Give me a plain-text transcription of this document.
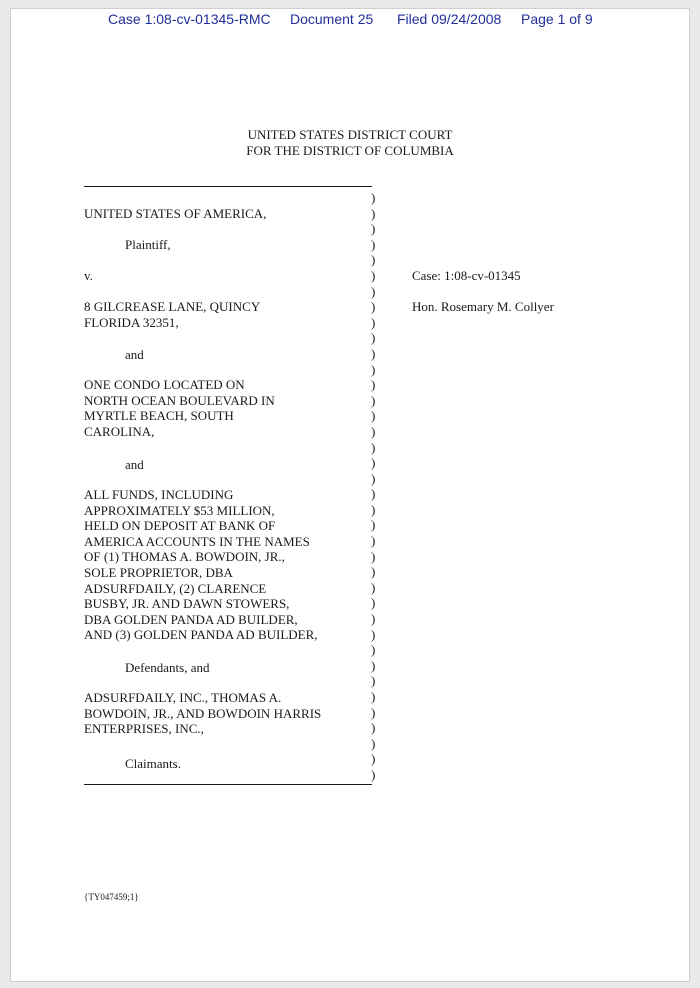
Case 1:08-cv-01345-RMC Document 25 Filed 09/24/2008 Page 1 of 9
UNITED STATES DISTRICT COURT
FOR THE DISTRICT OF COLUMBIA
)
)
)
)
)
)
)
)
)
)
)
)
)
)
)
)
)
)
)
)
)
)
)
)
)
)
)
)
)
)
)
)
)
)
)
)
)
)
UNITED STATES OF AMERICA,
Plaintiff,
v.
8 GILCREASE LANE, QUINCY
FLORIDA 32351,
and
ONE CONDO LOCATED ON
NORTH OCEAN BOULEVARD IN
MYRTLE BEACH, SOUTH
CAROLINA,
and
ALL FUNDS, INCLUDING
APPROXIMATELY $53 MILLION,
HELD ON DEPOSIT AT BANK OF
AMERICA ACCOUNTS IN THE NAMES
OF (1) THOMAS A. BOWDOIN, JR.,
SOLE PROPRIETOR, DBA
ADSURFDAILY, (2) CLARENCE
BUSBY, JR. AND DAWN STOWERS,
DBA GOLDEN PANDA AD BUILDER,
AND (3) GOLDEN PANDA AD BUILDER,
Defendants, and
ADSURFDAILY, INC., THOMAS A.
BOWDOIN, JR., AND BOWDOIN HARRIS
ENTERPRISES, INC.,
Claimants.
Case: 1:08-cv-01345
Hon. Rosemary M. Collyer
{TY047459;1}
